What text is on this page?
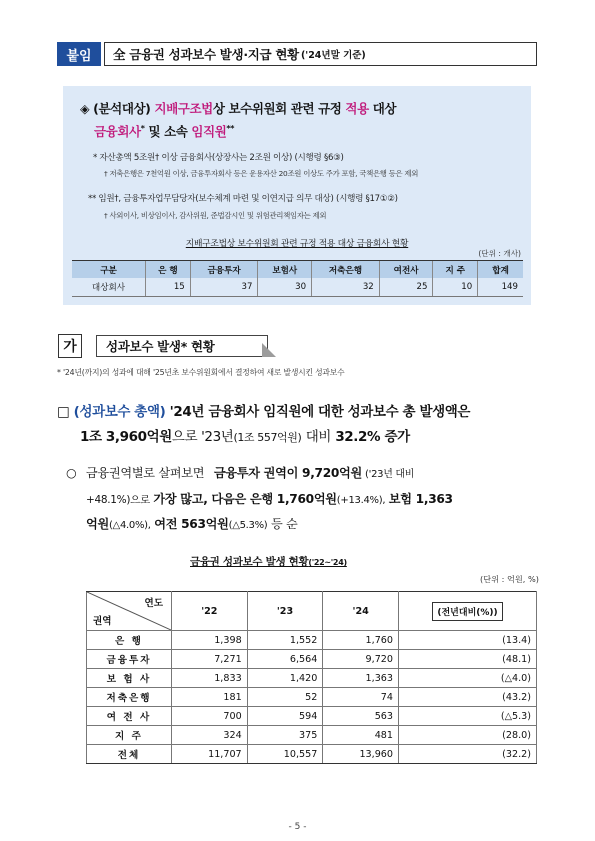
붙임	全 금융권 성과보수 발생·지급 현황 ('24년말 기준)
◈ (분석대상) 지배구조법상 보수위원회 관련 규정 적용 대상
금융회사* 및 소속 임직원**
* 자산총액 5조원† 이상 금융회사(상장사는 2조원 이상) (시행령 §6③)
† 저축은행은 7천억원 이상, 금융투자회사 등은 운용자산 20조원 이상도 주가 포함, 국책은행 등은 제외
** 임원†, 금융투자업무담당자(보수체계 마련 및 이연지급 의무 대상) (시행령 §17①②)
† 사외이사, 비상임이사, 감사위원, 준법감시인 및 위험관리책임자는 제외
지배구조법상 보수위원회 관련 규정 적용 대상 금융회사 현황
(단위 : 개사)
구분	은 행	금융투자	보험사	저축은행	여전사	지 주	합계
대상회사	15	37	30	32	25	10	149
가	성과보수 발생* 현황
* '24년(까지)의 성과에 대해 '25년초 보수위원회에서 결정하여 새로 발생시킨 성과보수
□ (성과보수 총액) '24년 금융회사 임직원에 대한 성과보수 총 발생액은
1조 3,960억원으로 '23년(1조 557억원) 대비 32.2% 증가
○ 금융권역별로 살펴보면 금융투자 권역이 9,720억원 ('23년 대비
+48.1%)으로 가장 많고, 다음은 은행 1,760억원(+13.4%), 보험 1,363
억원(△4.0%), 여전 563억원(△5.3%) 등 순
금융권 성과보수 발생 현황('22~'24)
(단위 : 억원, %)
연도
권역	'22	'23	'24	(전년대비(%))
은 행	1,398	1,552	1,760	(13.4)
금융투자	7,271	6,564	9,720	(48.1)
보 험 사	1,833	1,420	1,363	(△4.0)
저축은행	181	52	74	(43.2)
여 전 사	700	594	563	(△5.3)
지 주	324	375	481	(28.0)
전체	11,707	10,557	13,960	(32.2)
- 5 -
